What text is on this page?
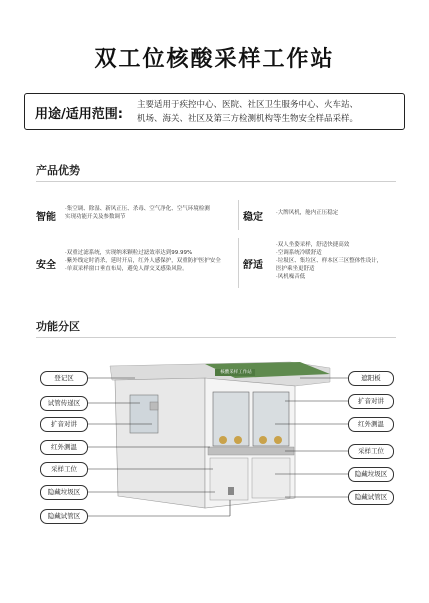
双工位核酸采样工作站
用途/适用范围:
主要适用于疾控中心、医院、社区卫生服务中心、火车站、
机场、海关、社区及第三方检测机构等生物安全样品采样。
产品优势
智能
·集空调、除湿、新风正压、杀毒、空气净化、空气环境检测
实现功能开关及参数调节	稳定 ·大牌风机，舱内正压稳定
安全
·双重过滤系统，实现纳米颗粒过滤效率达到99.99%
·紫外线定时消杀，延时开启，红外人感保护，双重防护医护安全
·单双采样窗口垂直布局，避免人群交叉感染风险。	舒适
·双人坐姿采样，舒适快捷高效
·空调系统冷暖舒适
·垃圾区、集垃区、样本区三区整体性设计，
医护乘坐更舒适
·风机噪音低
功能分区
核酸采样工作站
登记区
试管传递区
扩音对讲
红外测温
采样工位
隐藏垃圾区
隐藏试管区
遮阳板
扩音对讲
红外测温
采样工位
隐藏垃圾区
隐藏试管区
